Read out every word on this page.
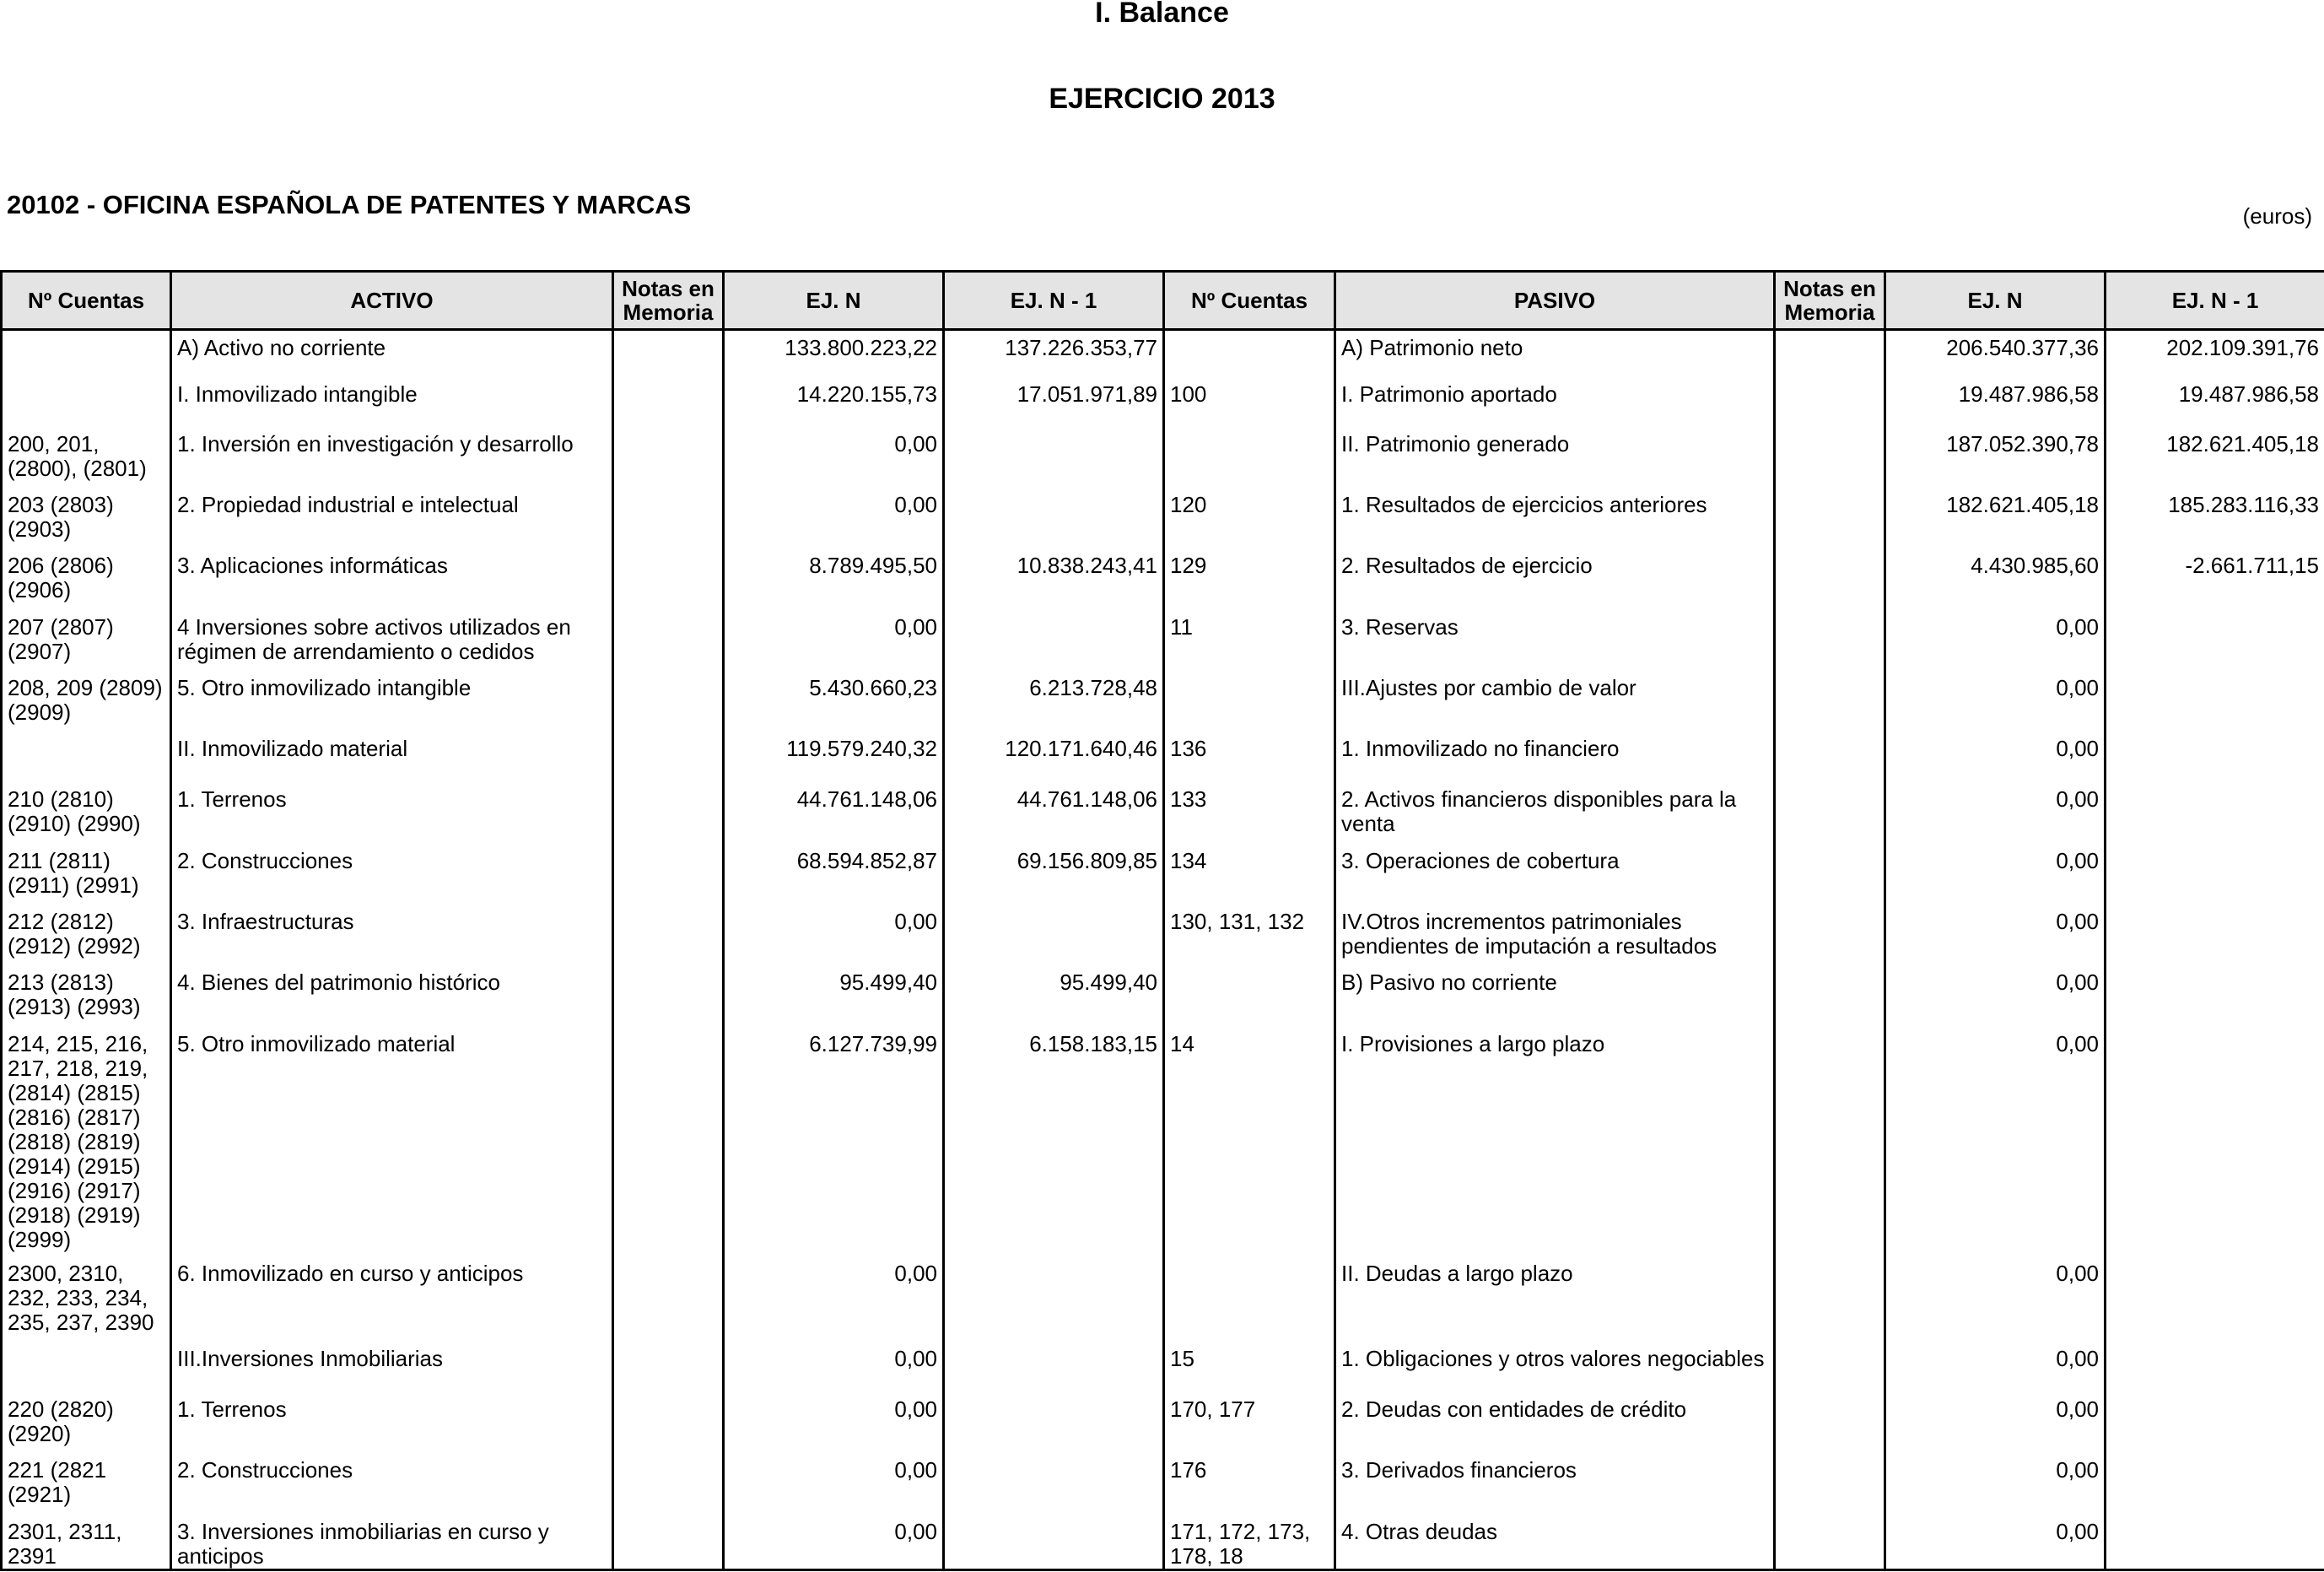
I. Balance
EJERCICIO 2013
20102 - OFICINA ESPAÑOLA DE PATENTES Y MARCAS	(euros)
Nº Cuentas	ACTIVO	Notas en Memoria	EJ. N	EJ. N - 1	Nº Cuentas	PASIVO	Notas en Memoria	EJ. N	EJ. N - 1
	A) Activo no corriente		133.800.223,22	137.226.353,77		A) Patrimonio neto		206.540.377,36	202.109.391,76
	I. Inmovilizado intangible		14.220.155,73	17.051.971,89	100	I. Patrimonio aportado		19.487.986,58	19.487.986,58
200, 201, (2800), (2801)	1. Inversión en investigación y desarrollo		0,00			II. Patrimonio generado		187.052.390,78	182.621.405,18
203 (2803) (2903)	2. Propiedad industrial e intelectual		0,00		120	1. Resultados de ejercicios anteriores		182.621.405,18	185.283.116,33
206 (2806) (2906)	3. Aplicaciones informáticas		8.789.495,50	10.838.243,41	129	2. Resultados de ejercicio		4.430.985,60	-2.661.711,15
207 (2807) (2907)	4 Inversiones sobre activos utilizados en régimen de arrendamiento o cedidos		0,00		11	3. Reservas		0,00	
208, 209 (2809) (2909)	5. Otro inmovilizado intangible		5.430.660,23	6.213.728,48		III.Ajustes por cambio de valor		0,00	
	II. Inmovilizado material		119.579.240,32	120.171.640,46	136	1. Inmovilizado no financiero		0,00	
210 (2810) (2910) (2990)	1. Terrenos		44.761.148,06	44.761.148,06	133	2. Activos financieros disponibles para la venta		0,00	
211 (2811) (2911) (2991)	2. Construcciones		68.594.852,87	69.156.809,85	134	3. Operaciones de cobertura		0,00	
212 (2812) (2912) (2992)	3. Infraestructuras		0,00		130, 131, 132	IV.Otros incrementos patrimoniales pendientes de imputación a resultados		0,00	
213 (2813) (2913) (2993)	4. Bienes del patrimonio histórico		95.499,40	95.499,40		B) Pasivo no corriente		0,00	
214, 215, 216, 217, 218, 219, (2814) (2815) (2816) (2817) (2818) (2819) (2914) (2915) (2916) (2917) (2918) (2919) (2999)	5. Otro inmovilizado material		6.127.739,99	6.158.183,15	14	I. Provisiones a largo plazo		0,00	
2300, 2310, 232, 233, 234, 235, 237, 2390	6. Inmovilizado en curso y anticipos		0,00			II. Deudas a largo plazo		0,00	
	III.Inversiones Inmobiliarias		0,00		15	1. Obligaciones y otros valores negociables		0,00	
220 (2820) (2920)	1. Terrenos		0,00		170, 177	2. Deudas con entidades de crédito		0,00	
221 (2821 (2921)	2. Construcciones		0,00		176	3. Derivados financieros		0,00	
2301, 2311, 2391	3. Inversiones inmobiliarias en curso y anticipos		0,00		171, 172, 173, 178, 18	4. Otras deudas		0,00	
